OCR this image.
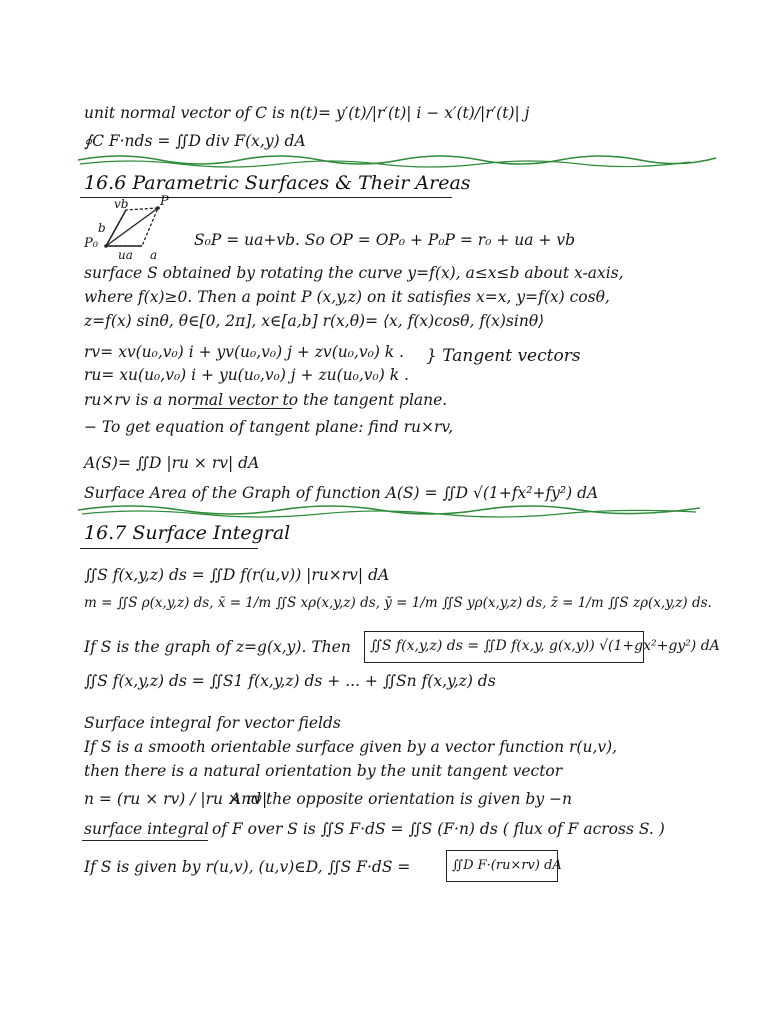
unit normal vector of C is n(t)= y′(t)/|r′(t)| i − x′(t)/|r′(t)| j
∮C F·nds = ∬D div F(x,y) dA
16.6 Parametric Surfaces & Their Areas
vb P
b
P₀
ua a
S₀P = ua+vb. So OP = OP₀ + P₀P = r₀ + ua + vb
surface S obtained by rotating the curve y=f(x), a≤x≤b about x-axis,
where f(x)≥0. Then a point P (x,y,z) on it satisfies x=x, y=f(x) cosθ,
z=f(x) sinθ, θ∈[0, 2π], x∈[a,b] r(x,θ)= ⟨x, f(x)cosθ, f(x)sinθ⟩
rv= xv(u₀,v₀) i + yv(u₀,v₀) j + zv(u₀,v₀) k .
ru= xu(u₀,v₀) i + yu(u₀,v₀) j + zu(u₀,v₀) k .
} Tangent vectors
ru×rv is a normal vector to the tangent plane.
− To get equation of tangent plane: find ru×rv,
A(S)= ∬D |ru × rv| dA
Surface Area of the Graph of function A(S) = ∬D √(1+fx²+fy²) dA
16.7 Surface Integral
∬S f(x,y,z) ds = ∬D f(r(u,v)) |ru×rv| dA
m = ∬S ρ(x,y,z) ds, x̄ = 1/m ∬S xρ(x,y,z) ds, ȳ = 1/m ∬S yρ(x,y,z) ds, z̄ = 1/m ∬S zρ(x,y,z) ds.
If S is the graph of z=g(x,y). Then ∬S f(x,y,z) ds = ∬D f(x,y, g(x,y)) √(1+gx²+gy²) dA
∬S f(x,y,z) ds = ∬S1 f(x,y,z) ds + ... + ∬Sn f(x,y,z) ds
Surface integral for vector fields
If S is a smooth orientable surface given by a vector function r(u,v),
then there is a natural orientation by the unit tangent vector
n = (ru × rv) / |ru × rv|
And the opposite orientation is given by −n
surface integral of F over S is ∬S F·dS = ∬S (F·n) ds ( flux of F across S. )
If S is given by r(u,v), (u,v)∈D, ∬S F·dS =	∬D F·(ru×rv) dA
